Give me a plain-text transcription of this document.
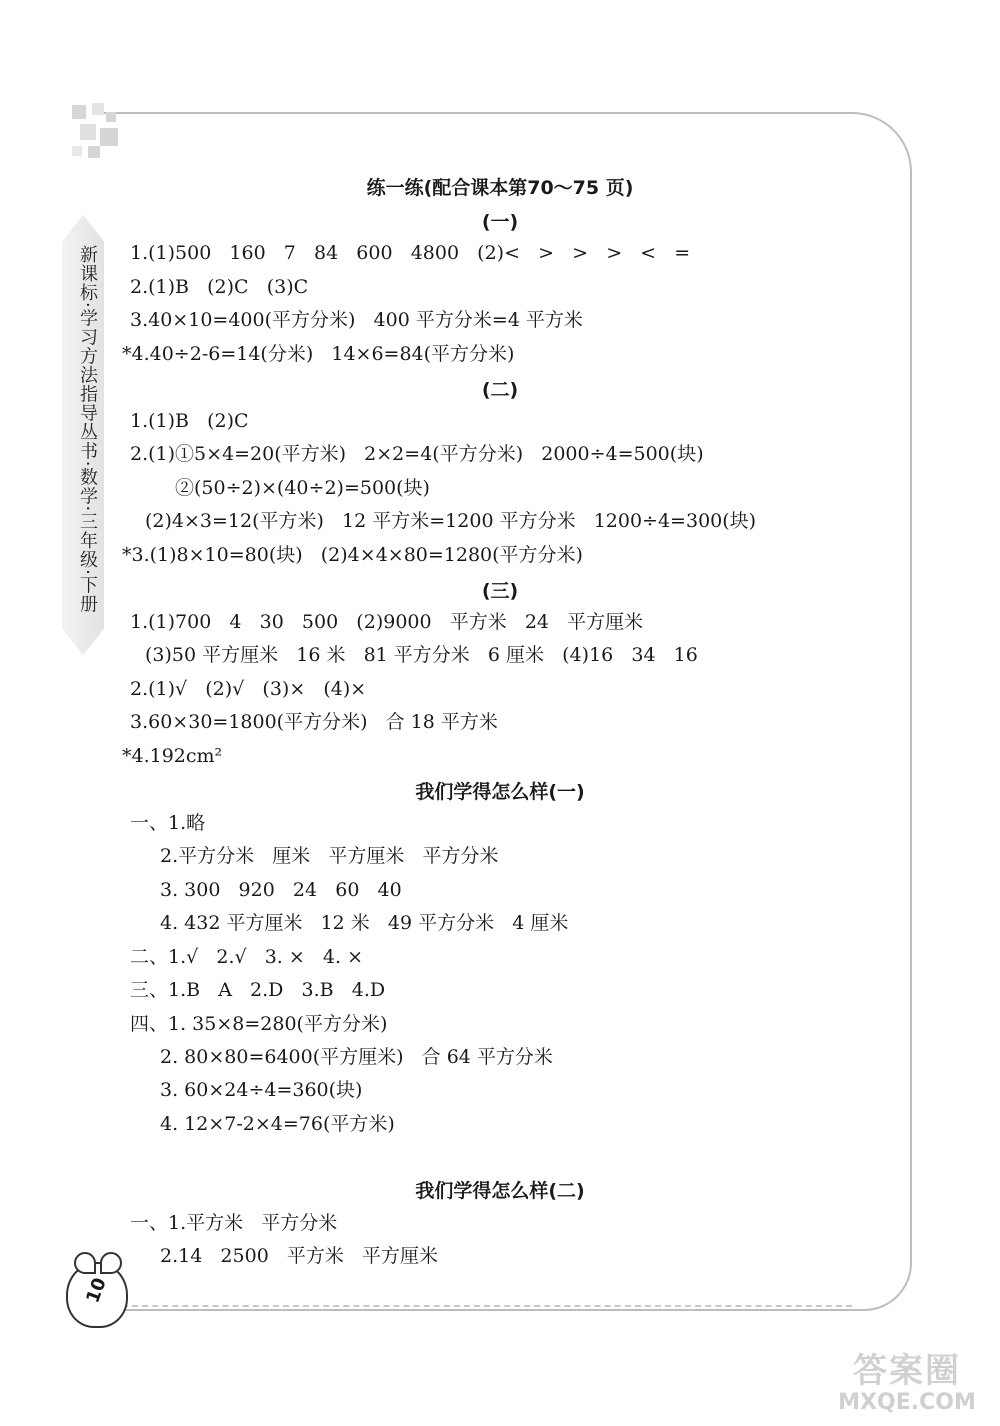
新课标·学习方法指导丛书·数学·三年级·下册
练一练(配合课本第70～75 页)
(一)
(二)
(三)
我们学得怎么样(一)
我们学得怎么样(二)
1.(1)500   160   7   84   600   4800   (2)<   >   >   >   <   =
2.(1)B   (2)C   (3)C
3.40×10=400(平方分米)   400 平方分米=4 平方米
*4.40÷2-6=14(分米)   14×6=84(平方分米)
1.(1)B   (2)C
2.(1)①5×4=20(平方米)   2×2=4(平方分米)   2000÷4=500(块)
②(50÷2)×(40÷2)=500(块)
(2)4×3=12(平方米)   12 平方米=1200 平方分米   1200÷4=300(块)
*3.(1)8×10=80(块)   (2)4×4×80=1280(平方分米)
1.(1)700   4   30   500   (2)9000   平方米   24   平方厘米
(3)50 平方厘米   16 米   81 平方分米   6 厘米   (4)16   34   16
2.(1)√   (2)√   (3)×   (4)×
3.60×30=1800(平方分米)   合 18 平方米
*4.192cm²
一、1.略
2.平方分米   厘米   平方厘米   平方分米
3. 300   920   24   60   40
4. 432 平方厘米   12 米   49 平方分米   4 厘米
二、1.√   2.√   3. ×   4. ×
三、1.B   A   2.D   3.B   4.D
四、1. 35×8=280(平方分米)
2. 80×80=6400(平方厘米)   合 64 平方分米
3. 60×24÷4=360(块)
4. 12×7-2×4=76(平方米)
一、1.平方米   平方分米
2.14   2500   平方米   平方厘米
10
答案圈
MXQE.COM
